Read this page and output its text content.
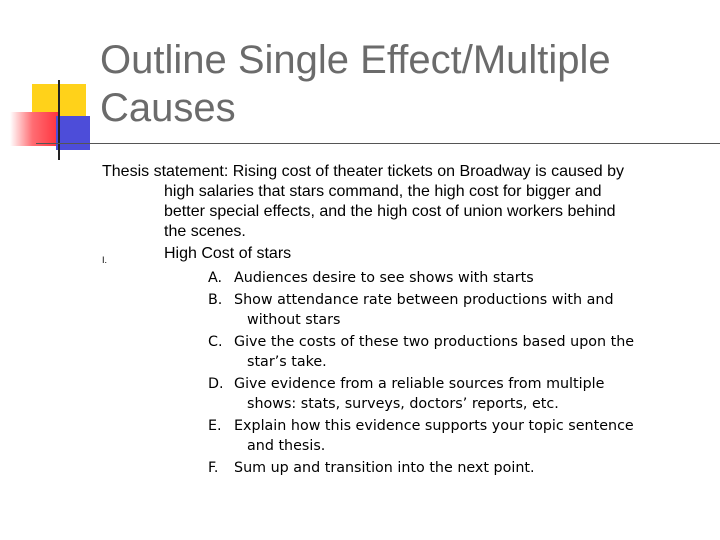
Outline Single Effect/Multiple Causes
Thesis statement: Rising cost of theater tickets on Broadway is caused by
high salaries that stars command, the high cost for bigger and
better special effects, and the high cost of union workers behind
the scenes.
I.	High Cost of stars

A. Audiences desire to see shows with starts

B. Show attendance rate between productions with and
without stars

C. Give the costs of these two productions based upon the
star’s take.

D. Give evidence from a reliable sources from multiple
shows: stats, surveys, doctors’ reports, etc.

E. Explain how this evidence supports your topic sentence
and thesis.

F. Sum up and transition into the next point.
